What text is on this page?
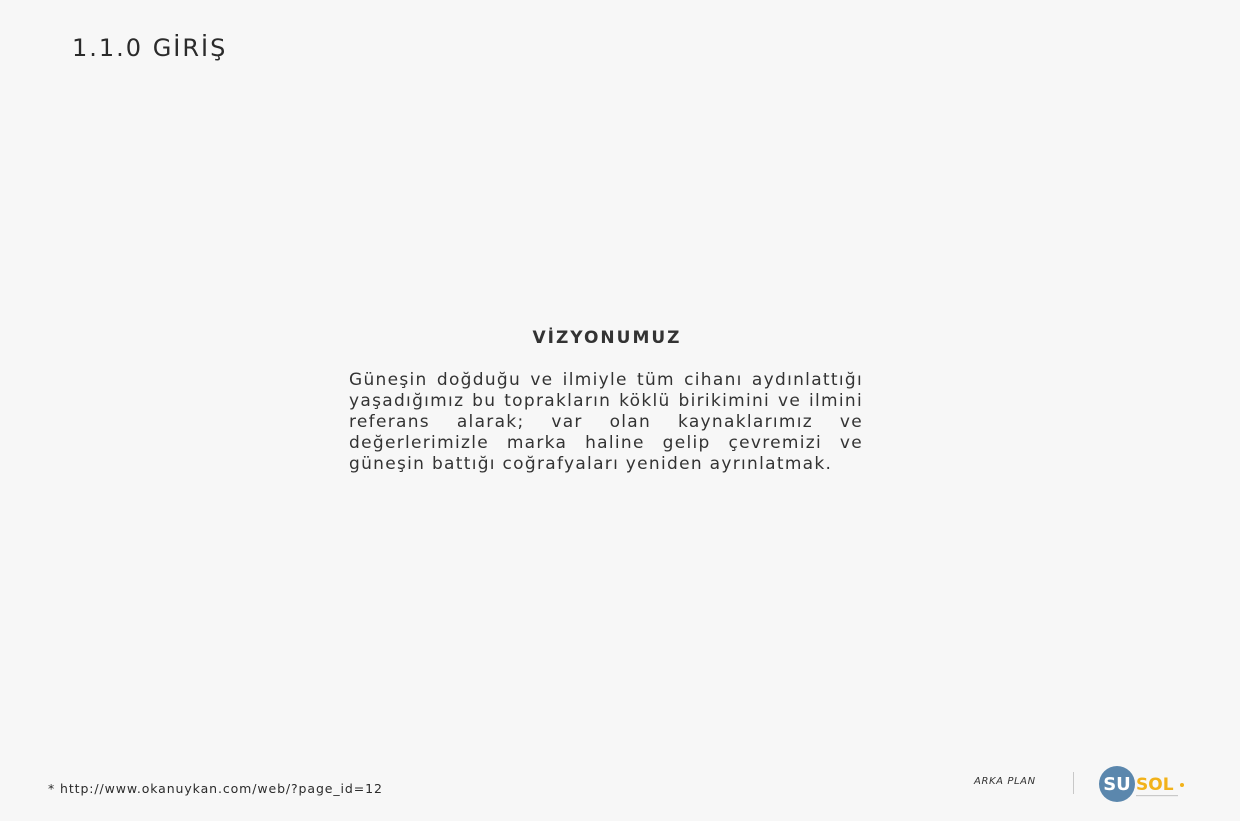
1.1.0 GİRİŞ
VİZYONUMUZ

Güneşin doğduğu ve ilmiyle tüm cihanı aydınlattığı yaşadığımız bu toprakların köklü birikimini ve ilmini referans alarak; var olan kaynaklarımız ve değerlerimizle marka haline gelip çevremizi ve güneşin battığı coğrafyaları yeniden ayrınlatmak.

* http://www.okanuykan.com/web/?page_id=12	ARKA PLAN	SU SOL
